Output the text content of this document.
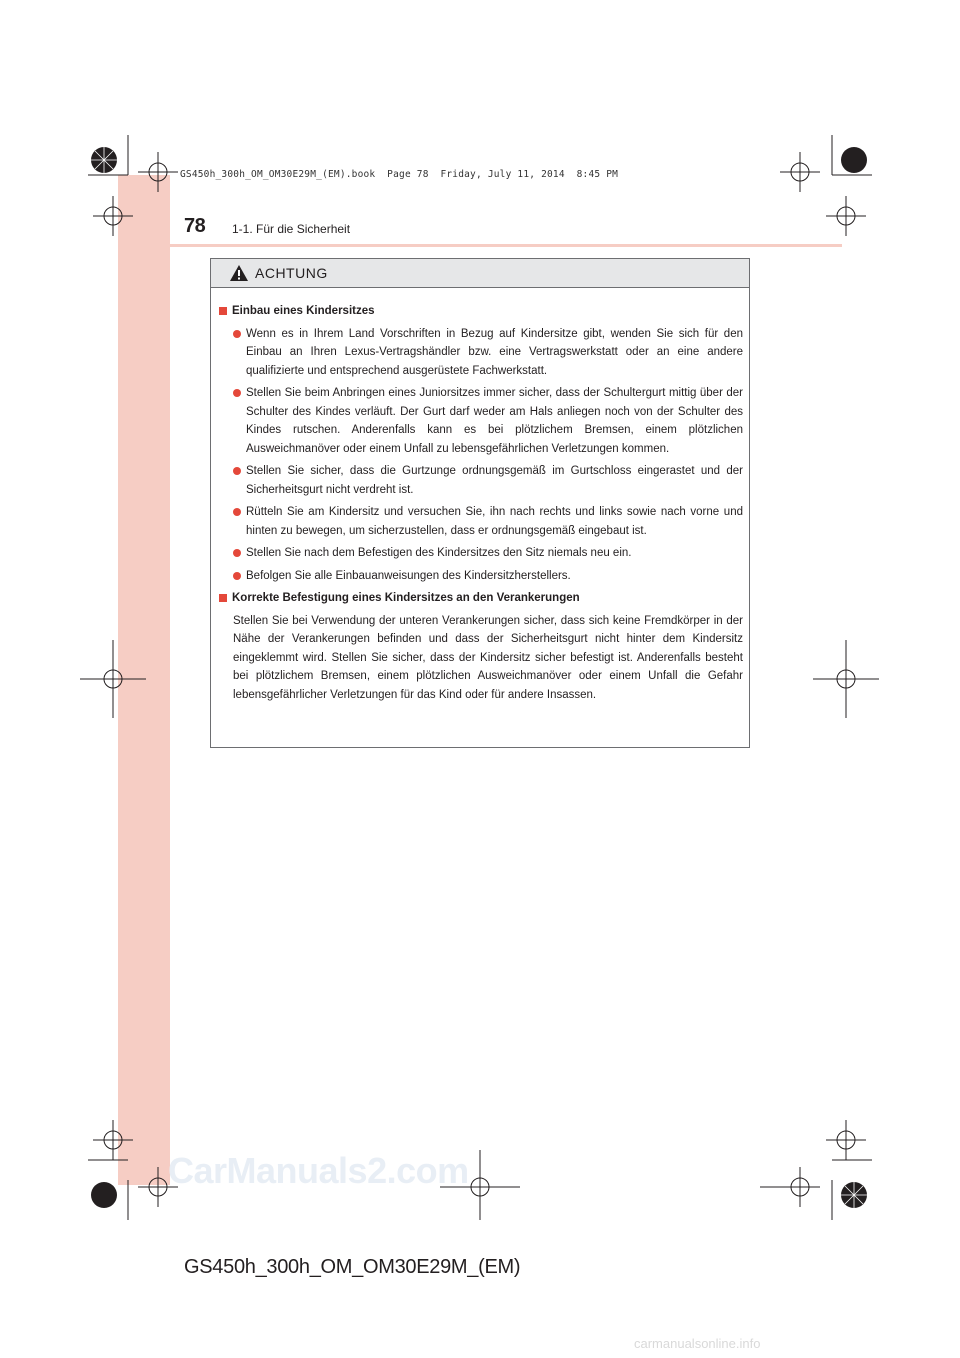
GS450h_300h_OM_OM30E29M_(EM).book  Page 78  Friday, July 11, 2014  8:45 PM
78 1-1. Für die Sicherheit
ACHTUNG
Einbau eines Kindersitzes
Wenn es in Ihrem Land Vorschriften in Bezug auf Kindersitze gibt, wenden Sie sich für den Einbau an Ihren Lexus-Vertragshändler bzw. eine Vertragswerkstatt oder an eine andere qualifizierte und entsprechend ausgerüstete Fachwerkstatt.
Stellen Sie beim Anbringen eines Juniorsitzes immer sicher, dass der Schultergurt mittig über der Schulter des Kindes verläuft. Der Gurt darf weder am Hals anliegen noch von der Schulter des Kindes rutschen. Anderenfalls kann es bei plötzlichem Bremsen, einem plötzlichen Ausweichmanöver oder einem Unfall zu lebensgefährlichen Verletzungen kommen.
Stellen Sie sicher, dass die Gurtzunge ordnungsgemäß im Gurtschloss eingerastet und der Sicherheitsgurt nicht verdreht ist.
Rütteln Sie am Kindersitz und versuchen Sie, ihn nach rechts und links sowie nach vorne und hinten zu bewegen, um sicherzustellen, dass er ordnungsgemäß eingebaut ist.
Stellen Sie nach dem Befestigen des Kindersitzes den Sitz niemals neu ein.
Befolgen Sie alle Einbauanweisungen des Kindersitzherstellers.
Korrekte Befestigung eines Kindersitzes an den Verankerungen
Stellen Sie bei Verwendung der unteren Verankerungen sicher, dass sich keine Fremdkörper in der Nähe der Verankerungen befinden und dass der Sicherheitsgurt nicht hinter dem Kindersitz eingeklemmt wird. Stellen Sie sicher, dass der Kindersitz sicher befestigt ist. Anderenfalls besteht bei plötzlichem Bremsen, einem plötzlichen Ausweichmanöver oder einem Unfall die Gefahr lebensgefährlicher Verletzungen für das Kind oder für andere Insassen.
CarManuals2.com
GS450h_300h_OM_OM30E29M_(EM)
carmanualsonline.info
